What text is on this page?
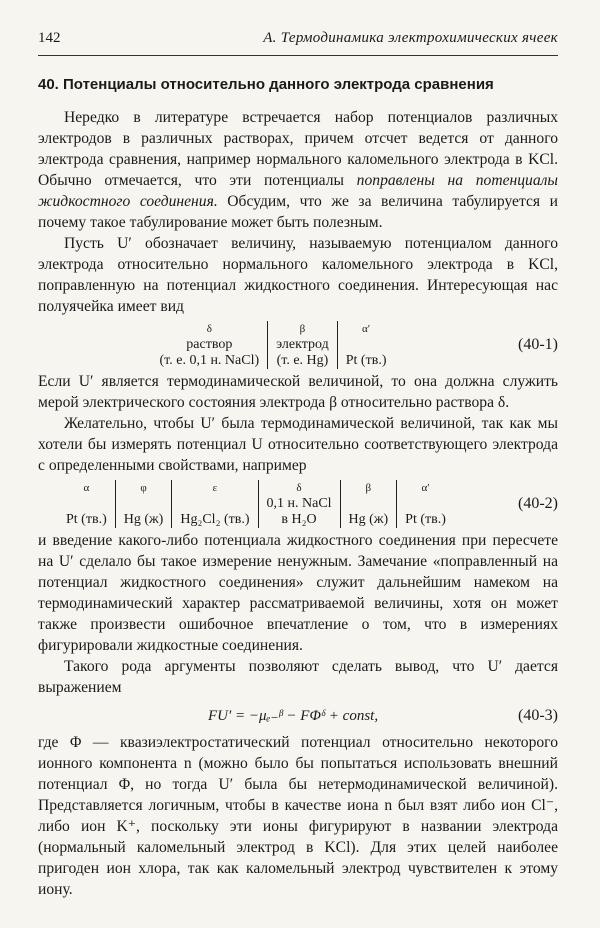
142	А. Термодинамика электрохимических ячеек
40. Потенциалы относительно данного электрода сравнения

Нередко в литературе встречается набор потенциалов различных электродов в различных растворах, причем отсчет ведется от данного электрода сравнения, например нормального каломельного электрода в KCl. Обычно отмечается, что эти потенциалы поправлены на потенциалы жидкостного соединения. Обсудим, что же за величина табулируется и почему такое табулирование может быть полезным.

Пусть U′ обозначает величину, называемую потенциалом данного электрода относительно нормального каломельного электрода в KCl, поправленную на потенциал жидкостного соединения. Интересующая нас полуячейка имеет вид

δ	β	α′
раствор	электрод	
(т. е. 0,1 н. NaCl)	(т. е. Hg)	Pt (тв.)
(40-1)

Если U′ является термодинамической величиной, то она должна служить мерой электрического состояния электрода β относительно раствора δ.

Желательно, чтобы U′ была термодинамической величиной, так как мы хотели бы измерять потенциал U относительно соответствующего электрода с определенными свойствами, например

α	φ	ε	δ	β	α′
			0,1 н. NaCl		
Pt (тв.)	Hg (ж)	Hg₂Cl₂ (тв.)	в H₂O	Hg (ж)	Pt (тв.)
(40-2)

и введение какого-либо потенциала жидкостного соединения при пересчете на U′ сделало бы такое измерение ненужным. Замечание «поправленный на потенциал жидкостного соединения» служит дальнейшим намеком на термодинамический характер рассматриваемой величины, хотя он может также произвести ошибочное впечатление о том, что в измерениях фигурировали жидкостные соединения.

Такого рода аргументы позволяют сделать вывод, что U′ дается выражением

FU′ = −μₑ₋ᵝ − FΦᵟ + const,	(40-3)

где Φ — квазиэлектростатический потенциал относительно некоторого ионного компонента n (можно было бы попытаться использовать внешний потенциал Φ, но тогда U′ была бы нетермодинамической величиной). Представляется логичным, чтобы в качестве иона n был взят либо ион Cl⁻, либо ион K⁺, поскольку эти ионы фигурируют в названии электрода (нормальный каломельный электрод в KCl). Для этих целей наиболее пригоден ион хлора, так как каломельный электрод чувствителен к этому иону.
